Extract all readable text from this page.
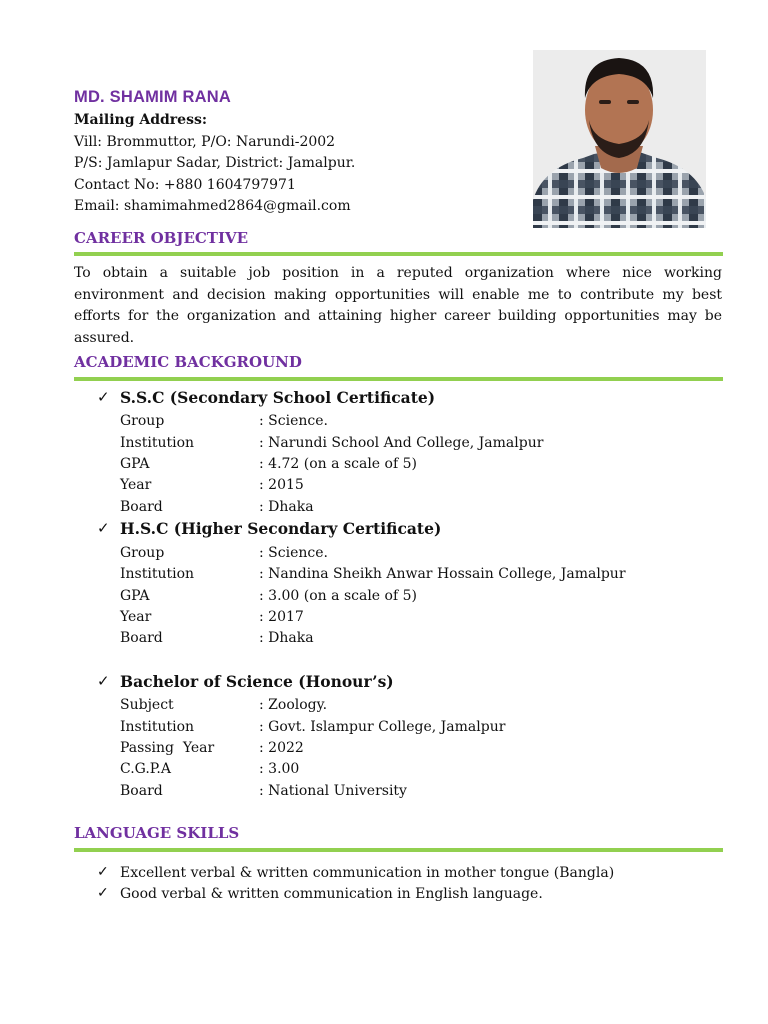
MD. SHAMIM RANA
Mailing Address:
Vill: Brommuttor, P/O: Narundi-2002
P/S: Jamlapur Sadar, District: Jamalpur.
Contact No: +880 1604797971
Email: shamimahmed2864@gmail.com
CAREER OBJECTIVE
To obtain a suitable job position in a reputed organization where nice working environment and decision making opportunities will enable me to contribute my best efforts for the organization and attaining higher career building opportunities may be assured.
ACADEMIC BACKGROUND
✓ S.S.C (Secondary School Certificate)
Group	: Science.
Institution	: Narundi School And College, Jamalpur
GPA	: 4.72 (on a scale of 5)
Year	: 2015
Board	: Dhaka
✓ H.S.C (Higher Secondary Certificate)
Group	: Science.
Institution	: Nandina Sheikh Anwar Hossain College, Jamalpur
GPA	: 3.00 (on a scale of 5)
Year	: 2017
Board	: Dhaka
✓ Bachelor of Science (Honour’s)
Subject	: Zoology.
Institution	: Govt. Islampur College, Jamalpur
Passing  Year	: 2022
C.G.P.A	: 3.00
Board	: National University
LANGUAGE SKILLS
✓ Excellent verbal & written communication in mother tongue (Bangla)
✓ Good verbal & written communication in English language.
